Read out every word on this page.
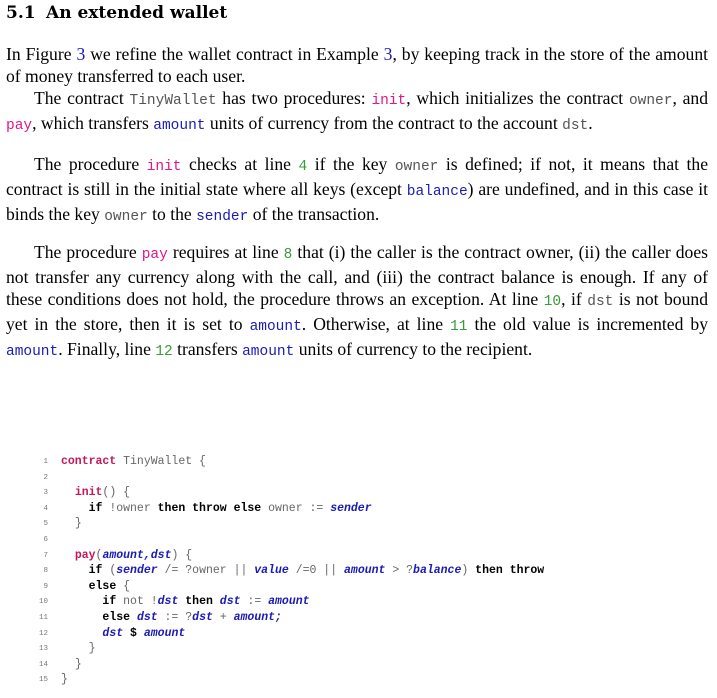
5.1 An extended wallet

In Figure 3 we refine the wallet contract in Example 3, by keeping track in the store of the amount of money transferred to each user.

The contract TinyWallet has two procedures: init, which initializes the contract owner, and pay, which transfers amount units of currency from the contract to the account dst.

The procedure init checks at line 4 if the key owner is defined; if not, it means that the contract is still in the initial state where all keys (except balance) are undefined, and in this case it binds the key owner to the sender of the transaction.

The procedure pay requires at line 8 that (i) the caller is the contract owner, (ii) the caller does not transfer any currency along with the call, and (iii) the contract balance is enough. If any of these conditions does not hold, the procedure throws an exception. At line 10, if dst is not bound yet in the store, then it is set to amount. Otherwise, at line 11 the old value is incremented by amount. Finally, line 12 transfers amount units of currency to the recipient.

1 contract TinyWallet {
2
3	init() {
4	if !owner then throw else owner := sender
5	}
6
7	pay(amount,dst) {
8	if (sender /= ?owner || value /=0 || amount > ?balance) then throw
9	else {
10	if not !dst then dst := amount
11	else dst := ?dst + amount;
12	dst $ amount
13	}
14	}
15 }
